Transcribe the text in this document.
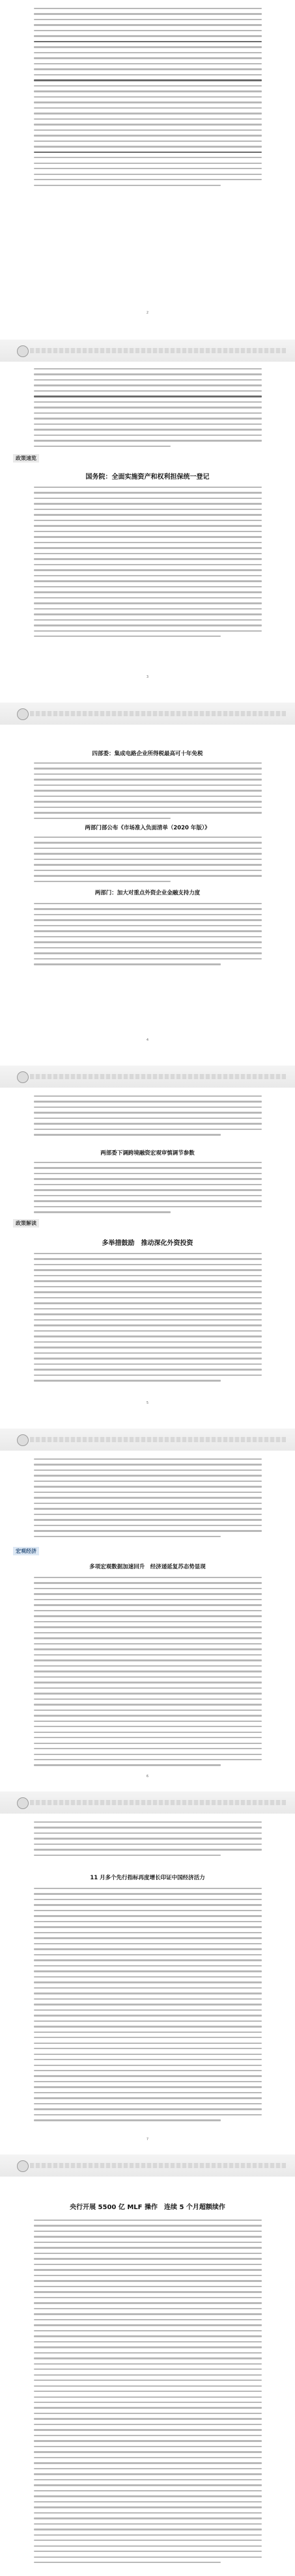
2
政策速览
国务院：全面实施资产和权利担保统一登记
3
四部委：集成电路企业所得税最高可十年免税
两部门部公布《市场准入负面清单（2020 年版）》
两部门：加大对重点外资企业金融支持力度
4
两部委下调跨境融资宏观审慎调节参数
政策解读
多举措鼓励　推动深化外资投资
5
宏观经济
多项宏观数据加速回升　经济递延复苏态势显现
6
11 月多个先行指标再度增长印证中国经济活力
7
央行开展 5500 亿 MLF 操作　连续 5 个月超额续作
